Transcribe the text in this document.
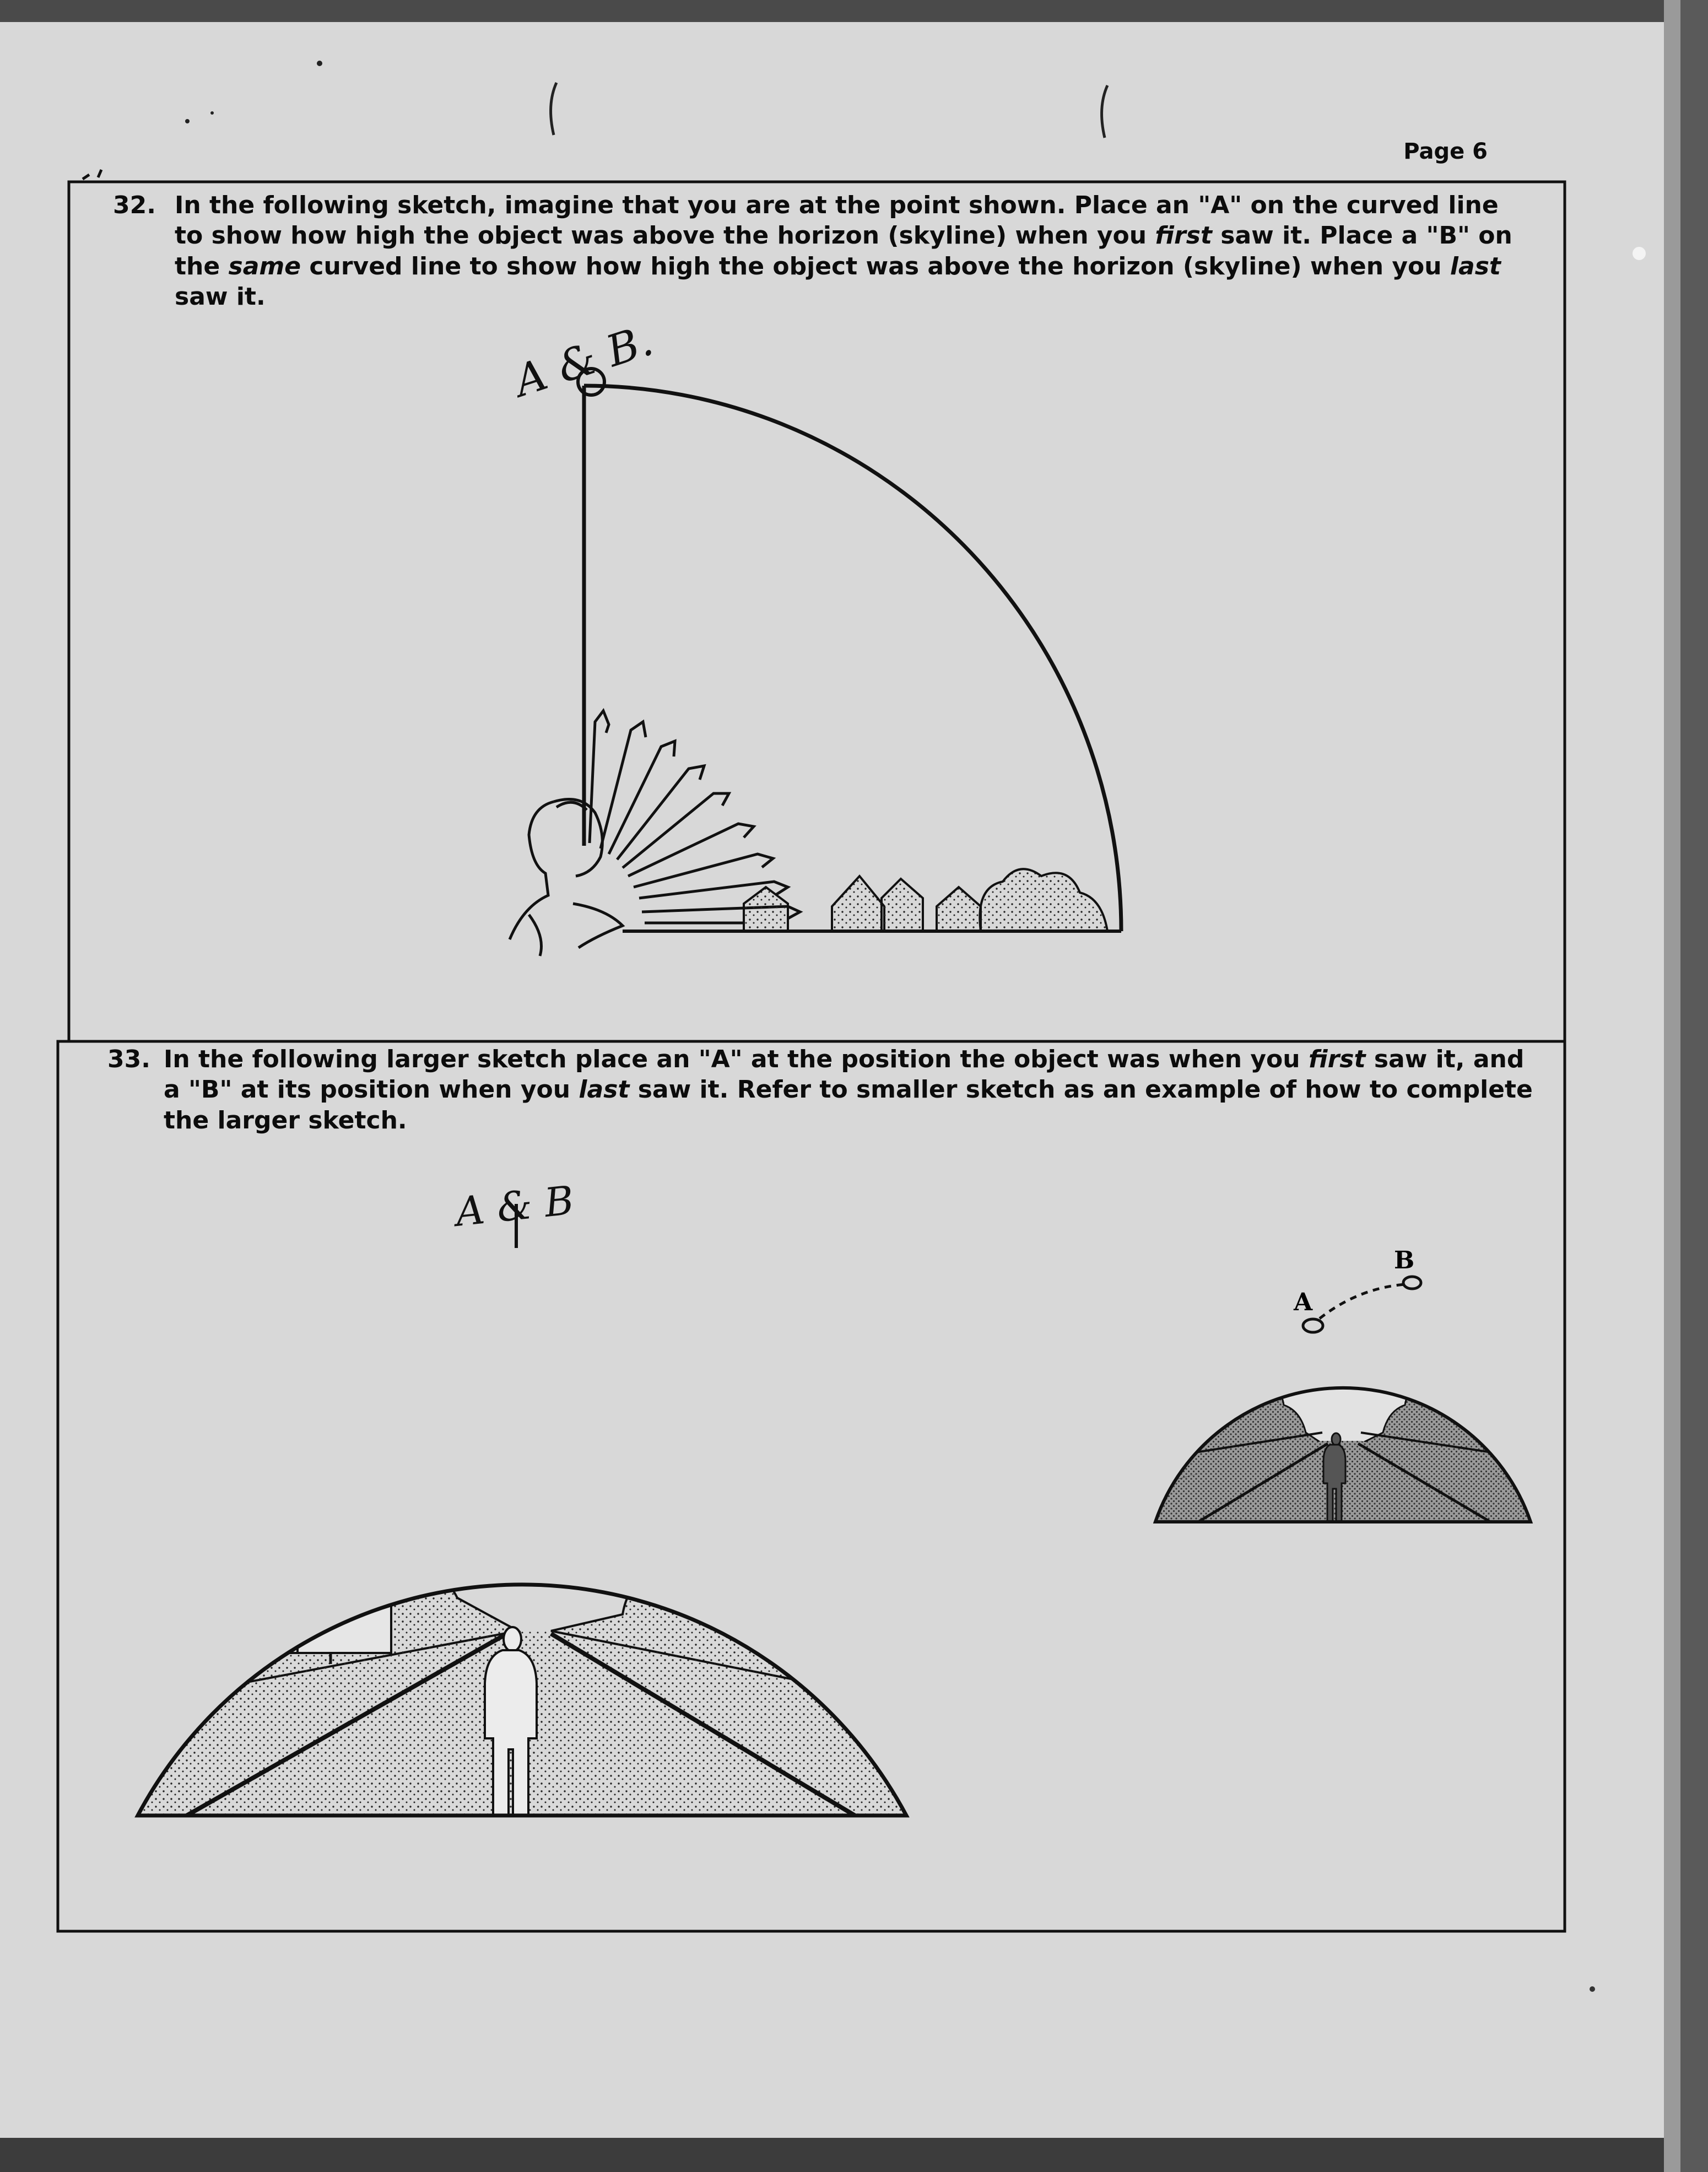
Page 6

32. In the following sketch, imagine that you are at the point shown. Place an "A" on the curved line to show how high the object was above the horizon (skyline) when you first saw it. Place a "B" on the same curved line to show how high the object was above the horizon (skyline) when you last saw it.

33. In the following larger sketch place an "A" at the position the object was when you first saw it, and a "B" at its position when you last saw it. Refer to smaller sketch as an example of how to complete the larger sketch.

A & B.
A & B
A
B
